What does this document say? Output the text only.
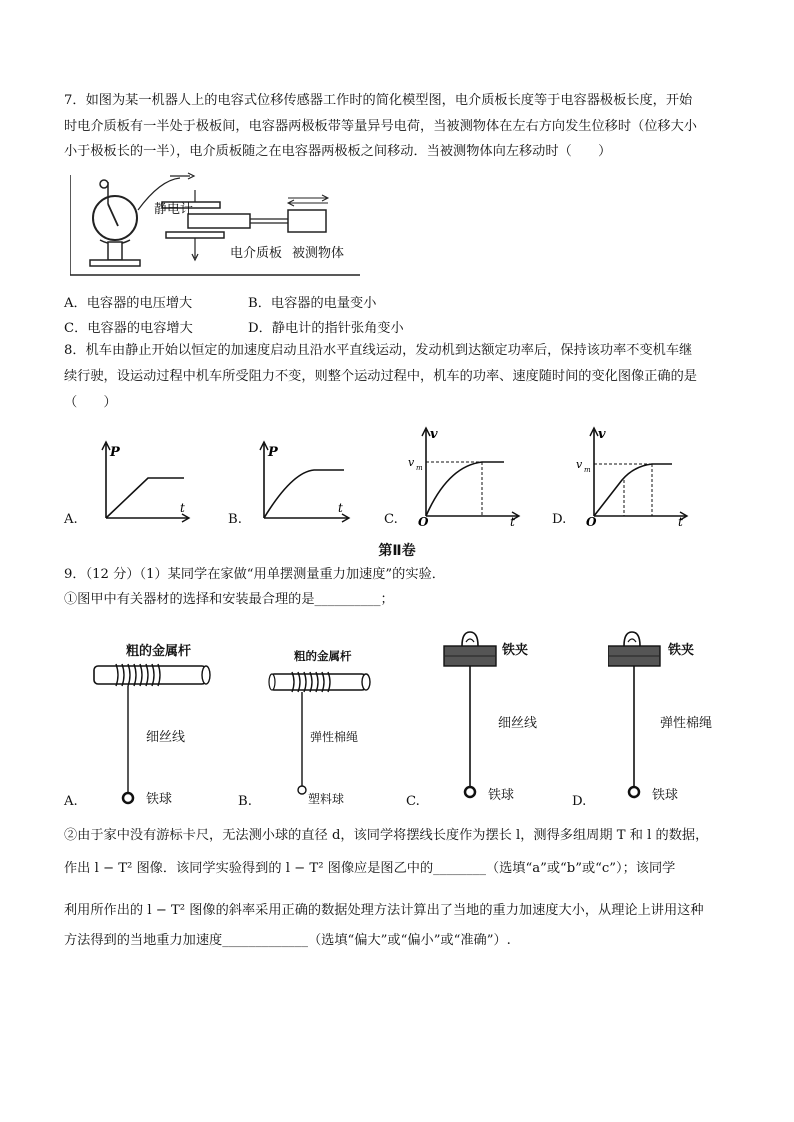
7．如图为某一机器人上的电容式位移传感器工作时的简化模型图，电介质板长度等于电容器极板长度，开始
时电介质板有一半处于极板间，电容器两极板带等量异号电荷，当被测物体在左右方向发生位移时（位移大小
小于极板长的一半），电介质板随之在电容器两极板之间移动．当被测物体向左移动时（　　）
静电计
电介质板 被测物体
A．电容器的电压增大	B．电容器的电量变小
C．电容器的电容增大	D．静电计的指针张角变小
8．机车由静止开始以恒定的加速度启动且沿水平直线运动，发动机到达额定功率后，保持该功率不变机车继
续行驶，设运动过程中机车所受阻力不变，则整个运动过程中，机车的功率、速度随时间的变化图像正确的是
（　　）
P
t
A.
P
t
B.
v
v m
O	t
C.
v
v m
O	t
D.
第Ⅱ卷
9．（12 分）（1）某同学在家做“用单摆测量重力加速度”的实验．
①图甲中有关器材的选择和安装最合理的是__________；
粗的金属杆
细丝线
铁球
A.
粗的金属杆
弹性棉绳
塑料球
B.
铁夹
细丝线
铁球
C.
铁夹
弹性棉绳
铁球
D.
②由于家中没有游标卡尺，无法测小球的直径 d，该同学将摆线长度作为摆长 l，测得多组周期 T 和 l 的数据，
作出 l − T² 图像．该同学实验得到的 l − T² 图像应是图乙中的________（选填“a”或“b”或“c”）；该同学
利用所作出的 l − T² 图像的斜率采用正确的数据处理方法计算出了当地的重力加速度大小，从理论上讲用这种
方法得到的当地重力加速度_____________（选填“偏大”或“偏小”或“准确”）.
